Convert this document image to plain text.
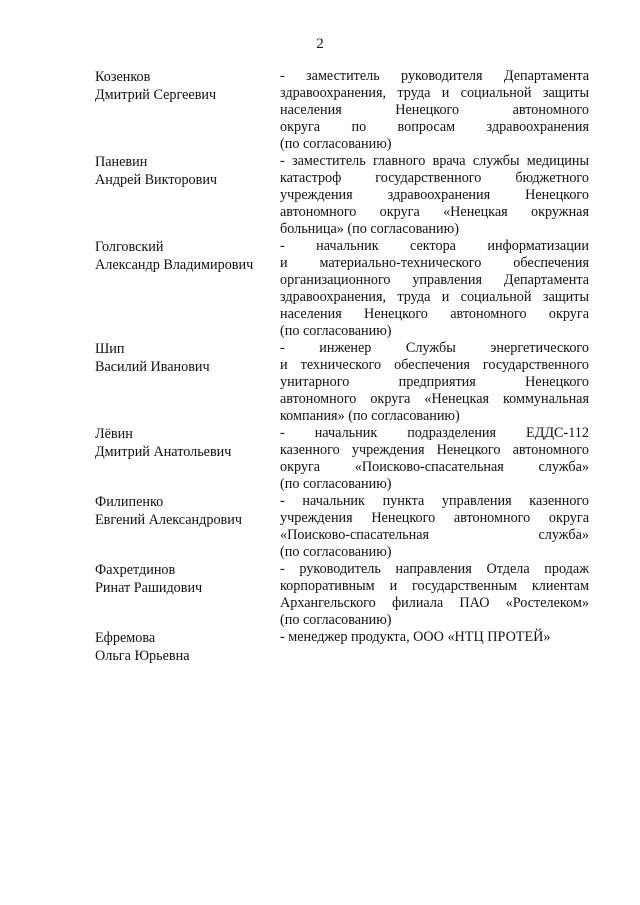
2
Козенков
Дмитрий Сергеевич
- заместитель руководителя Департамента
здравоохранения, труда и социальной защиты
населения Ненецкого автономного
округа по вопросам здравоохранения
(по согласованию)
Паневин
Андрей Викторович
- заместитель главного врача службы медицины
катастроф государственного бюджетного
учреждения здравоохранения Ненецкого
автономного округа «Ненецкая окружная
больница» (по согласованию)
Голговский
Александр Владимирович
- начальник сектора информатизации
и материально-технического обеспечения
организационного управления Департамента
здравоохранения, труда и социальной защиты
населения Ненецкого автономного округа
(по согласованию)
Шип
Василий Иванович
- инженер Службы энергетического
и технического обеспечения государственного
унитарного предприятия Ненецкого
автономного округа «Ненецкая коммунальная
компания» (по согласованию)
Лёвин
Дмитрий Анатольевич
- начальник подразделения ЕДДС-112
казенного учреждения Ненецкого автономного
округа «Поисково-спасательная служба»
(по согласованию)
Филипенко
Евгений Александрович
- начальник пункта управления казенного
учреждения Ненецкого автономного округа
«Поисково-спасательная служба»
(по согласованию)
Фахретдинов
Ринат Рашидович
- руководитель направления Отдела продаж
корпоративным и государственным клиентам
Архангельского филиала ПАО «Ростелеком»
(по согласованию)
Ефремова
Ольга Юрьевна
- менеджер продукта, ООО «НТЦ ПРОТЕЙ»
